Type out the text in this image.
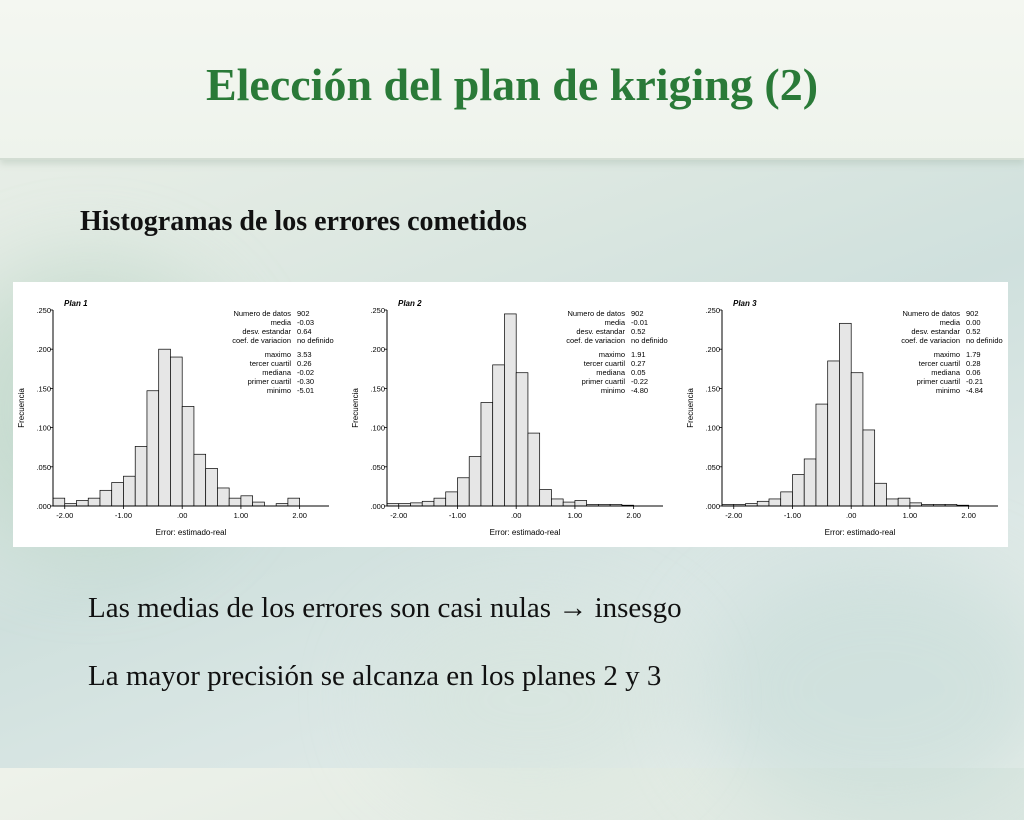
Elección del plan de kriging (2)
Histogramas de los errores cometidos
.000
.050
.100
.150
.200
.250
-2.00	-1.00	.00	1.00	2.00
Plan 1
Error: estimado-real
Frecuencia
Numero de datos 902
media -0.03
desv. estandar 0.64
coef. de variacion no definido
maximo 3.53
tercer cuartil 0.26
mediana -0.02
primer cuartil -0.30
minimo -5.01
.000
.050
.100
.150
.200
.250
-2.00	-1.00	.00	1.00	2.00
Plan 2
Error: estimado-real
Frecuencia
Numero de datos 902
media -0.01
desv. estandar 0.52
coef. de variacion no definido
maximo 1.91
tercer cuartil 0.27
mediana 0.05
primer cuartil -0.22
minimo -4.80
.000
.050
.100
.150
.200
.250
-2.00	-1.00	.00	1.00	2.00
Plan 3
Error: estimado-real
Frecuencia
Numero de datos 902
media 0.00
desv. estandar 0.52
coef. de variacion no definido
maximo 1.79
tercer cuartil 0.28
mediana 0.06
primer cuartil -0.21
minimo -4.84
Las medias de los errores son casi nulas → insesgo
La mayor precisión se alcanza en los planes 2 y 3
